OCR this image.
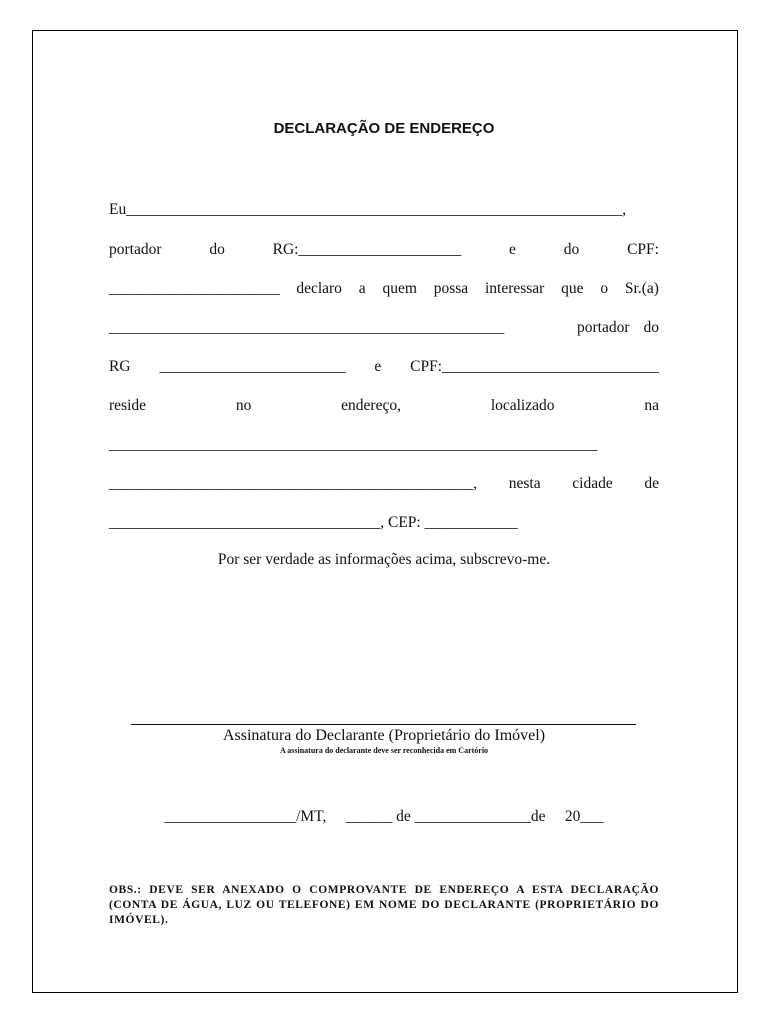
DECLARAÇÃO DE ENDEREÇO
Eu________________________________________________________________,
portador	do	RG:_____________________	e	do	CPF:
______________________ declaro a quem possa interessar que o Sr.(a)
___________________________________________________	portador do
RG ________________________ e CPF:____________________________
reside	no	endereço,	localizado	na
_______________________________________________________________
_______________________________________________, nesta cidade de
___________________________________, CEP: ____________
Por ser verdade as informações acima, subscrevo-me.
Assinatura do Declarante (Proprietário do Imóvel)
A assinatura do declarante deve ser reconhecida em Cartório
_________________/MT,     ______ de _______________de     20___
OBS.: DEVE SER ANEXADO O COMPROVANTE DE ENDEREÇO A ESTA DECLARAÇÃO (CONTA DE ÁGUA, LUZ OU TELEFONE) EM NOME DO DECLARANTE (PROPRIETÁRIO DO IMÓVEL).
